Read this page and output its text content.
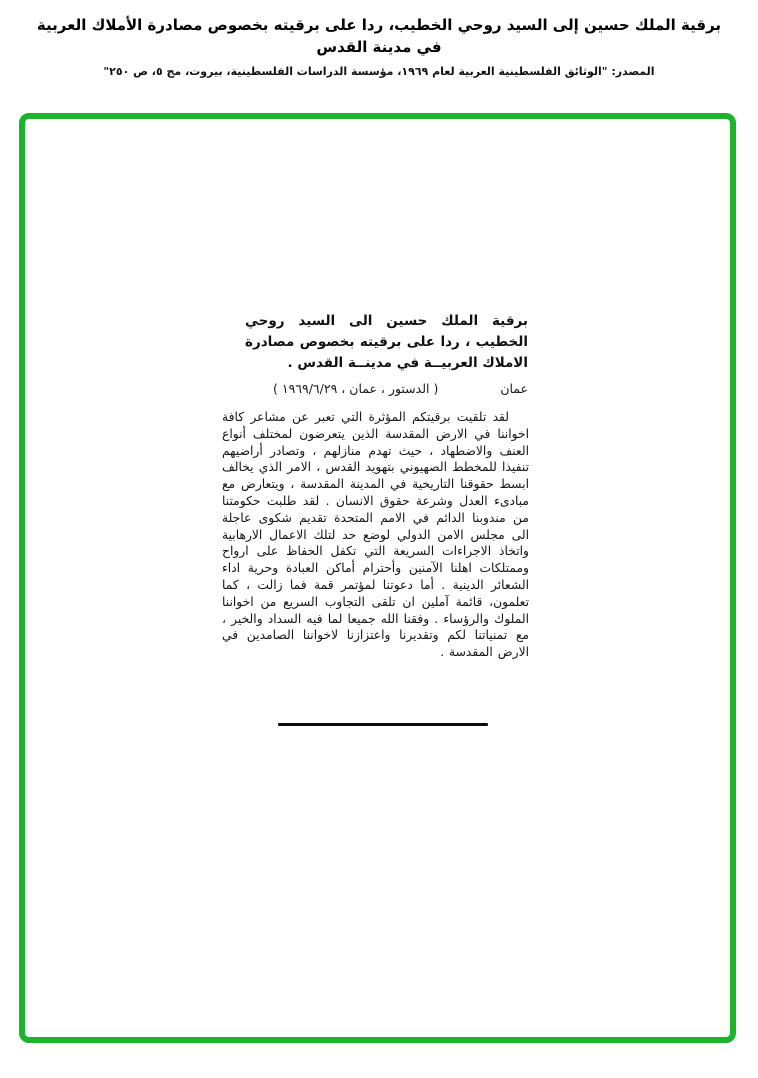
برقية الملك حسين إلى السيد روحي الخطيب، ردا على برقيته بخصوص مصادرة الأملاك العربية في مدينة القدس
المصدر: "الوثائق الفلسطينية العربية لعام ١٩٦٩، مؤسسة الدراسات الفلسطينية، بيروت، مج ٥، ص ٢٥٠"
برقية الملك حسين الى السيد روحي الخطيب ، ردا على برقيته بخصوص مصادرة الاملاك العربيــة في مدينــة القدس .
عمان
( الدستور ، عمان ، ١٩٦٩/٦/٢٩ )
لقد تلقيت برقيتكم المؤثرة التي تعبر عن مشاعر كافة اخواننا في الارض المقدسة الذين يتعرضون لمختلف أنواع العنف والاضطهاد ، حيث تهدم منازلهم ، وتصادر أراضيهم تنفيذا للمخطط الصهيوني بتهويد القدس ، الامر الذي يخالف ابسط حقوقنا التاريخية في المدينة المقدسة ، ويتعارض مع مبادىء العدل وشرعة حقوق الانسان . لقد طلبت حكومتنا من مندوبنا الدائم في الامم المتحدة تقديم شكوى عاجلة الى مجلس الامن الدولي لوضع حد لتلك الاعمال الارهابية واتخاذ الاجراءات السريعة التي تكفل الحفاظ على ارواح وممتلكات اهلنا الآمنين وأحترام أماكن العبادة وحرية اداء الشعائر الدينية . أما دعوتنا لمؤتمر قمة فما زالت ، كما تعلمون، قائمة آملين ان تلقى التجاوب السريع من اخواننا الملوك والرؤساء . وفقنا الله جميعا لما فيه السداد والخير ، مع تمنياتنا لكم وتقديرنا واعتزازنا لاخواننا الصامدين في الارض المقدسة .
